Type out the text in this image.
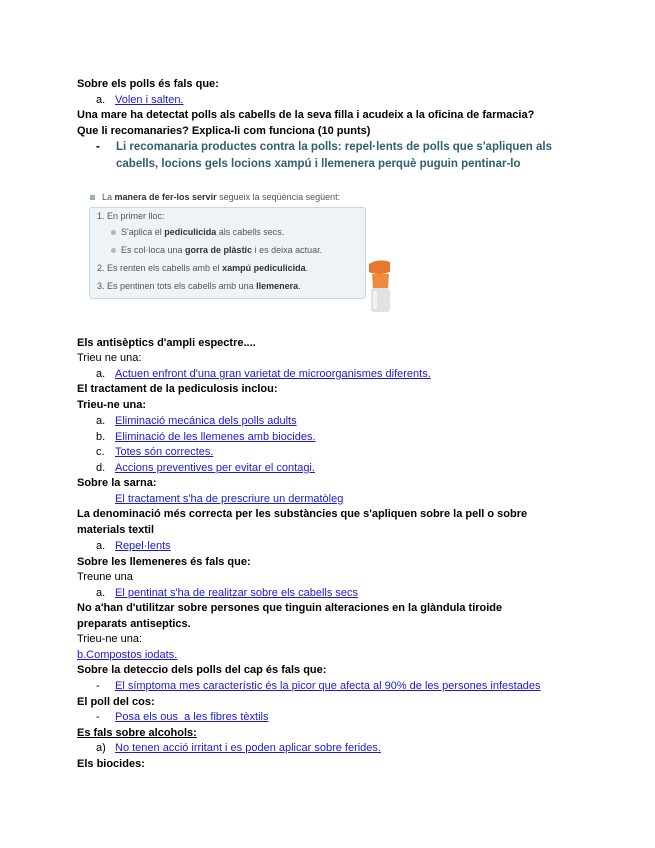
Sobre els polls és fals que:
a. Volen i salten.
Una mare ha detectat polls als cabells de la seva filla i acudeix a la oficina de farmacia?
Que li recomanaries? Explica-li com funciona (10 punts)
- Li recomanaria productes contra la polls: repel·lents de polls que s'apliquen als
cabells, locions gels locions xampú i llemenera perquè puguin pentinar-lo
La manera de fer-los servir segueix la seqüència següent:
1. En primer lloc:
S'aplica el pediculicida als cabells secs.
Es col·loca una gorra de plàstic i es deixa actuar.
2. Es renten els cabells amb el xampú pediculicida.
3. Es pentinen tots els cabells amb una llemenera.
Els antisèptics d'ampli espectre....
Trieu ne una:
a. Actuen enfront d'una gran varietat de microorganismes diferents.
El tractament de la pediculosis inclou:
Trieu-ne una:
a. Eliminació mecánica dels polls adults
b. Eliminació de les llemenes amb biocides.
c. Totes són correctes.
d. Accions preventives per evitar el contagi.
Sobre la sarna:
El tractament s'ha de prescriure un dermatòleg
La denominació més correcta per les substàncies que s'apliquen sobre la pell o sobre
materials textil
a. Repel·lents
Sobre les llemeneres és fals que:
Treune una
a. El pentinat s'ha de realitzar sobre els cabells secs
No a'han d'utilitzar sobre persones que tinguin alteraciones en la glàndula tiroide
preparats antiseptics.
Trieu-ne una:
b.Compostos iodats.
Sobre la deteccio dels polls del cap és fals que:
- El símptoma mes característic és la picor que afecta al 90% de les persones infestades
El poll del cos:
- Posa els ous  a les fibres tèxtils
Es fals sobre alcohols:
a) No tenen acció irritant i es poden aplicar sobre ferides.
Els biocides:
